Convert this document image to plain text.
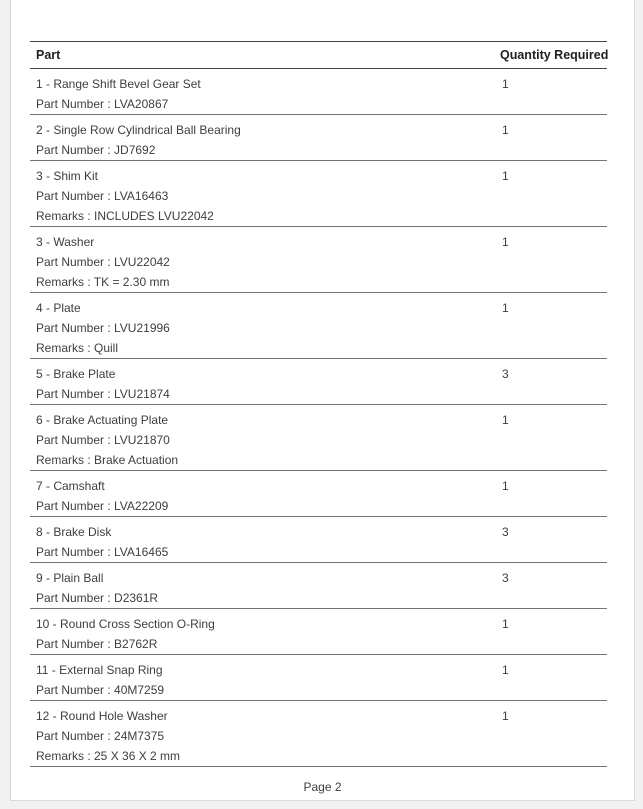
Part	Quantity Required

1 - Range Shift Bevel Gear Set
Part Number : LVA20867	1

2 - Single Row Cylindrical Ball Bearing
Part Number : JD7692	1

3 - Shim Kit
Part Number : LVA16463
Remarks : INCLUDES LVU22042	1

3 - Washer
Part Number : LVU22042
Remarks : TK = 2.30 mm	1

4 - Plate
Part Number : LVU21996
Remarks : Quill	1

5 - Brake Plate
Part Number : LVU21874	3

6 - Brake Actuating Plate
Part Number : LVU21870
Remarks : Brake Actuation	1

7 - Camshaft
Part Number : LVA22209	1

8 - Brake Disk
Part Number : LVA16465	3

9 - Plain Ball
Part Number : D2361R	3

10 - Round Cross Section O-Ring
Part Number : B2762R	1

11 - External Snap Ring
Part Number : 40M7259	1

12 - Round Hole Washer
Part Number : 24M7375
Remarks : 25 X 36 X 2 mm	1
Page 2
